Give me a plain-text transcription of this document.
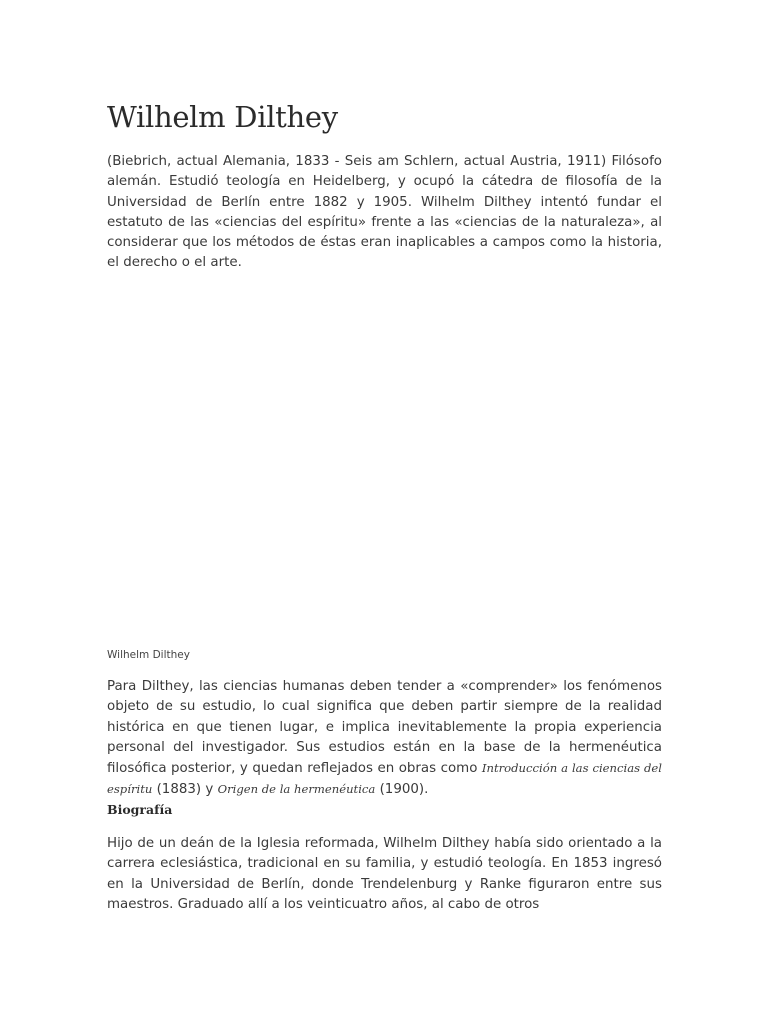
Wilhelm Dilthey

(Biebrich, actual Alemania, 1833 - Seis am Schlern, actual Austria, 1911) Filósofo alemán. Estudió teología en Heidelberg, y ocupó la cátedra de filosofía de la Universidad de Berlín entre 1882 y 1905. Wilhelm Dilthey intentó fundar el estatuto de las «ciencias del espíritu» frente a las «ciencias de la naturaleza», al considerar que los métodos de éstas eran inaplicables a campos como la historia, el derecho o el arte.

Wilhelm Dilthey

Para Dilthey, las ciencias humanas deben tender a «comprender» los fenómenos objeto de su estudio, lo cual significa que deben partir siempre de la realidad histórica en que tienen lugar, e implica inevitablemente la propia experiencia personal del investigador. Sus estudios están en la base de la hermenéutica filosófica posterior, y quedan reflejados en obras como Introducción a las ciencias del espíritu (1883) y Origen de la hermenéutica (1900).

Biografía

Hijo de un deán de la Iglesia reformada, Wilhelm Dilthey había sido orientado a la carrera eclesiástica, tradicional en su familia, y estudió teología. En 1853 ingresó en la Universidad de Berlín, donde Trendelenburg y Ranke figuraron entre sus maestros. Graduado allí a los veinticuatro años, al cabo de otros
